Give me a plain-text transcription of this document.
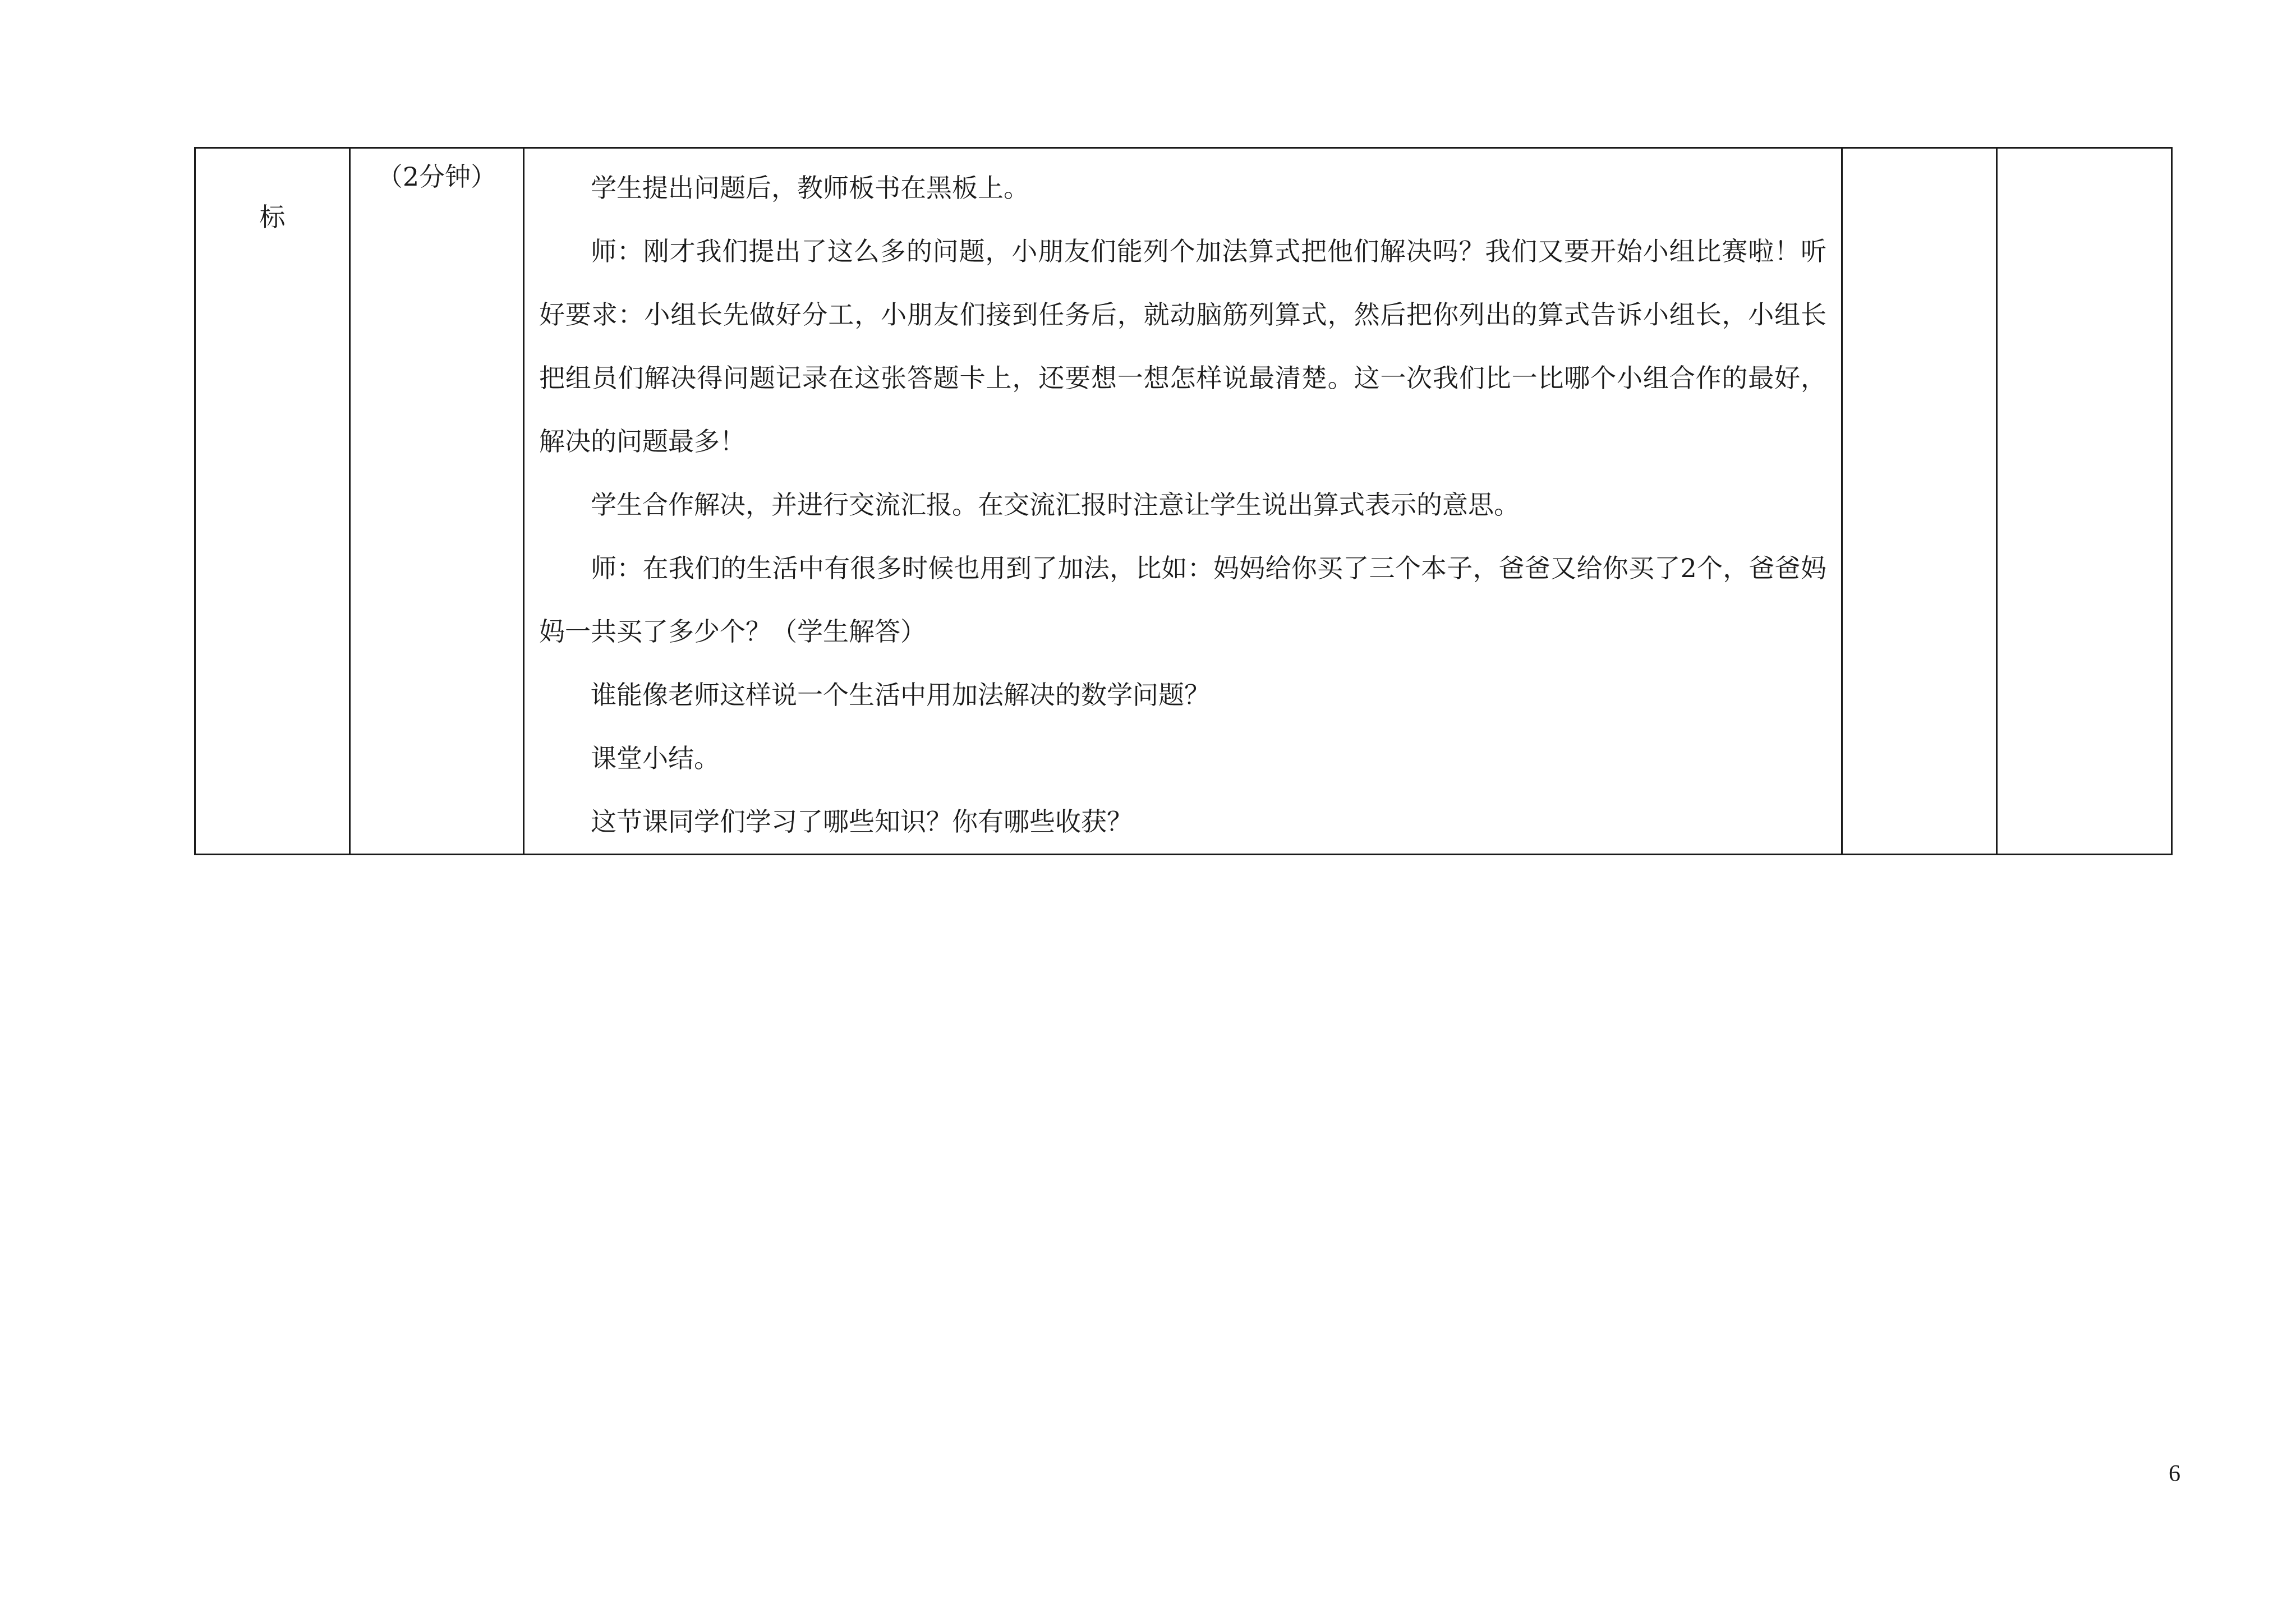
标	（2分钟）	学生提出问题后，教师板书在黑板上。

师：刚才我们提出了这么多的问题，小朋友们能列个加法算式把他们解决吗？我们又要开始小组比赛啦！听好要求：小组长先做好分工，小朋友们接到任务后，就动脑筋列算式，然后把你列出的算式告诉小组长，小组长把组员们解决得问题记录在这张答题卡上，还要想一想怎样说最清楚。这一次我们比一比哪个小组合作的最好，解决的问题最多！

学生合作解决，并进行交流汇报。在交流汇报时注意让学生说出算式表示的意思。

师：在我们的生活中有很多时候也用到了加法，比如：妈妈给你买了三个本子，爸爸又给你买了2个，爸爸妈妈一共买了多少个？（学生解答）

谁能像老师这样说一个生活中用加法解决的数学问题？

课堂小结。

这节课同学们学习了哪些知识？你有哪些收获？

6
